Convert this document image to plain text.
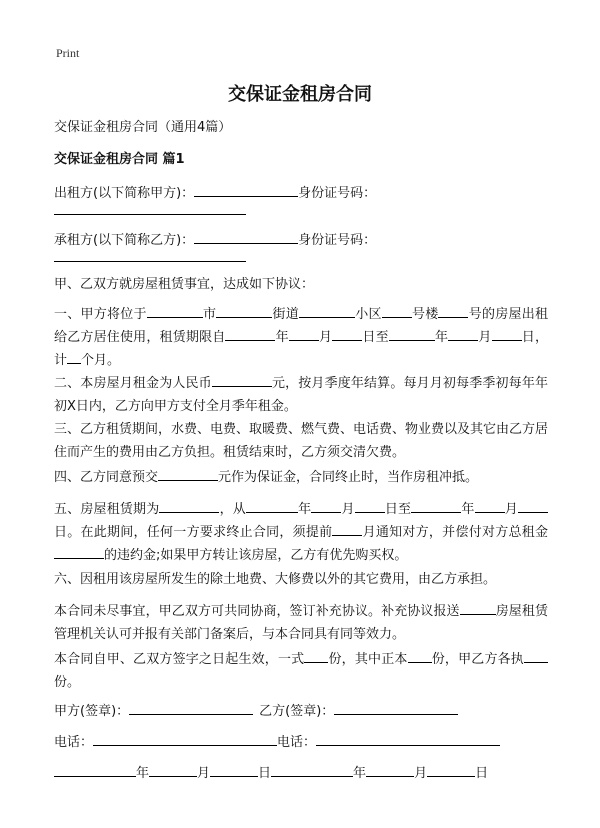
Print
交保证金租房合同
交保证金租房合同（通用4篇）
交保证金租房合同 篇1
出租方(以下简称甲方)：	身份证号码：
承租方(以下简称乙方)：	身份证号码：
甲、乙双方就房屋租赁事宜，达成如下协议：
一、甲方将位于	市	街道	小区 号楼 号的房屋出租给乙方居住使用，租赁期限自	年 月 日至	年 月 日，计 个月。
二、本房屋月租金为人民币	元，按月季度年结算。每月月初每季季初每年年初X日内，乙方向甲方支付全月季年租金。
三、乙方租赁期间，水费、电费、取暖费、燃气费、电话费、物业费以及其它由乙方居住而产生的费用由乙方负担。租赁结束时，乙方须交清欠费。
四、乙方同意预交	元作为保证金，合同终止时，当作房租冲抵。
五、房屋租赁期为	，从	年 月 日至	年 月日。在此期间，任何一方要求终止合同，须提前 月通知对方，并偿付对方总租金的违约金;如果甲方转让该房屋，乙方有优先购买权。
六、因租用该房屋所发生的除土地费、大修费以外的其它费用，由乙方承担。
本合同未尽事宜，甲乙双方可共同协商，签订补充协议。补充协议报送	房屋租赁管理机关认可并报有关部门备案后，与本合同具有同等效力。
本合同自甲、乙双方签字之日起生效，一式 份，其中正本 份，甲乙方各执份。
甲方(签章)：	乙方(签章)：
电话：	电话：
年	月	日	年	月	日
